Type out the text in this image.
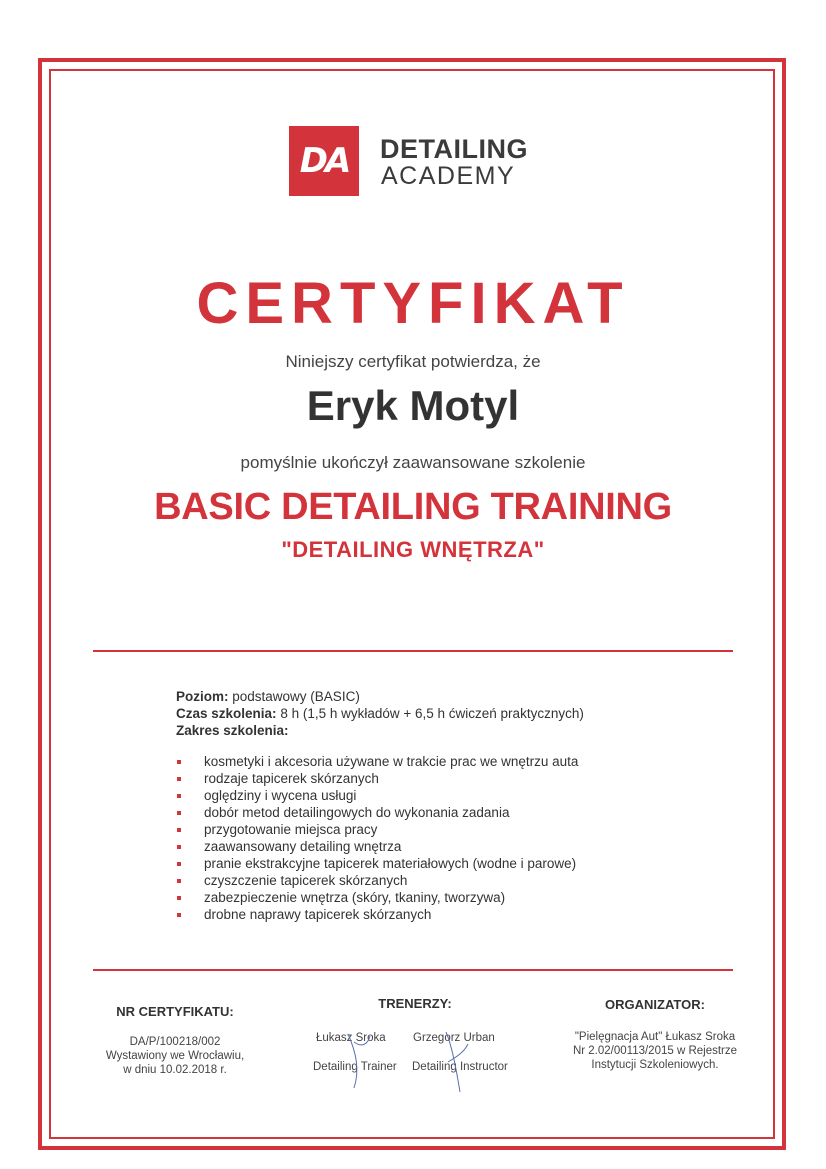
DA DETAILING
ACADEMY
CERTYFIKAT
Niniejszy certyfikat potwierdza, że
Eryk Motyl
pomyślnie ukończył zaawansowane szkolenie
BASIC DETAILING TRAINING
"DETAILING WNĘTRZA"
Poziom: podstawowy (BASIC)
Czas szkolenia: 8 h (1,5 h wykładów + 6,5 h ćwiczeń praktycznych)
Zakres szkolenia:
kosmetyki i akcesoria używane w trakcie prac we wnętrzu auta
rodzaje tapicerek skórzanych
oględziny i wycena usługi
dobór metod detailingowych do wykonania zadania
przygotowanie miejsca pracy
zaawansowany detailing wnętrza
pranie ekstrakcyjne tapicerek materiałowych (wodne i parowe)
czyszczenie tapicerek skórzanych
zabezpieczenie wnętrza (skóry, tkaniny, tworzywa)
drobne naprawy tapicerek skórzanych
NR CERTYFIKATU:
DA/P/100218/002
Wystawiony we Wrocławiu,
w dniu 10.02.2018 r.
TRENERZY:
Łukasz Sroka
Detailing Trainer
Grzegorz Urban
Detailing Instructor
ORGANIZATOR:
"Pielęgnacja Aut" Łukasz Sroka
Nr 2.02/00113/2015 w Rejestrze
Instytucji Szkoleniowych.
